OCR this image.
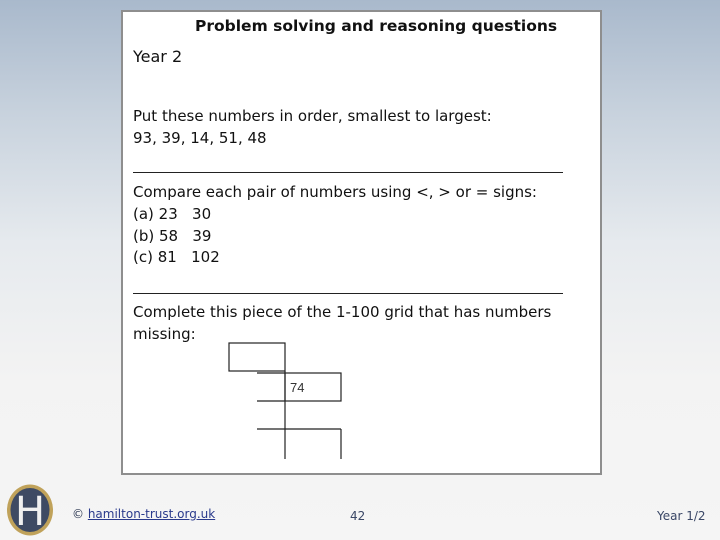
Problem solving and reasoning questions
Year 2
Put these numbers in order, smallest to largest:
93, 39, 14, 51, 48
Compare each pair of numbers using <, > or = signs:
(a) 23   30
(b) 58   39
(c) 81   102
Complete this piece of the 1-100 grid that has numbers
missing:
74
H © hamilton-trust.org.uk	42	Year 1/2
